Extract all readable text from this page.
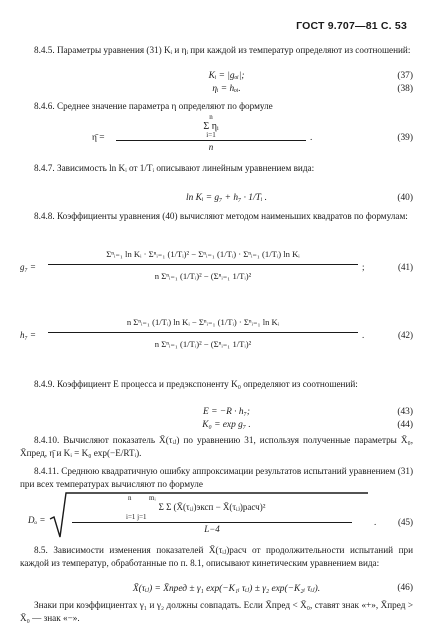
ГОСТ 9.707—81 С. 53
8.4.5. Параметры уравнения (31) Kᵢ и ηᵢ при каждой из температур определяют из соотношений:
Kᵢ = |gₒᵢ|;	(37)
ηᵢ = hₒᵢ.	(38)
8.4.6. Среднее значение параметра η определяют по формуле
η̄ =
n
Σ ηᵢ
i=1
n
.	(39)
8.4.7. Зависимость ln Kᵢ от 1/Tᵢ описывают линейным уравнением вида:
ln Kᵢ = g₇ + h₇ · 1/Tᵢ .	(40)
8.4.8. Коэффициенты уравнения (40) вычисляют методом наименьших квадратов по формулам:
g₇ =
Σⁿᵢ₌₁ ln Kᵢ · Σⁿᵢ₌₁ (1/Tᵢ)² − Σⁿᵢ₌₁ (1/Tᵢ) · Σⁿᵢ₌₁ (1/Tᵢ) ln Kᵢ
n Σⁿᵢ₌₁ (1/Tᵢ)² − (Σⁿᵢ₌₁ 1/Tᵢ)²
;	(41)
h₇ =
n Σⁿᵢ₌₁ (1/Tᵢ) ln Kᵢ − Σⁿᵢ₌₁ (1/Tᵢ) · Σⁿᵢ₌₁ ln Kᵢ
n Σⁿᵢ₌₁ (1/Tᵢ)² − (Σⁿᵢ₌₁ 1/Tᵢ)²
.	(42)
8.4.9. Коэффициент E процесса и предэкспоненту K₀ определяют из соотношений:
E = −R · h₇;	(43)
K₀ = exp g₇ .	(44)
8.4.10. Вычисляют показатель X̄(τᵢⱼ) по уравнению 31, используя полученные параметры X̄₀, X̄пред, η̄ и Kᵢ = K₀ exp(−E/RTᵢ).
8.4.11. Среднюю квадратичную ошибку аппроксимации результатов испытаний уравнением (31) при всех температурах вычисляют по формуле
Dₒ =
n	mᵢ
Σ Σ (X̄(τᵢⱼ)эксп − X̄(τᵢⱼ)расч)²
i=1 j=1
L−4
. (45)
8.5. Зависимости изменения показателей X̄(τᵢⱼ)расч от продолжительности испытаний при каждой из температур, обработанные по п. 8.1, описывают кинетическим уравнением вида:
X̄(τᵢⱼ) = X̄пред ± γ₁ exp(−K₁ᵢ τᵢⱼ) ± γ₂ exp(−K₂ᵢ τᵢⱼ).	(46)
Знаки при коэффициентах γ₁ и γ₂ должны совпадать. Если X̄пред < X̄₀, ставят знак «+», X̄пред > X̄₀ — знак «−».
